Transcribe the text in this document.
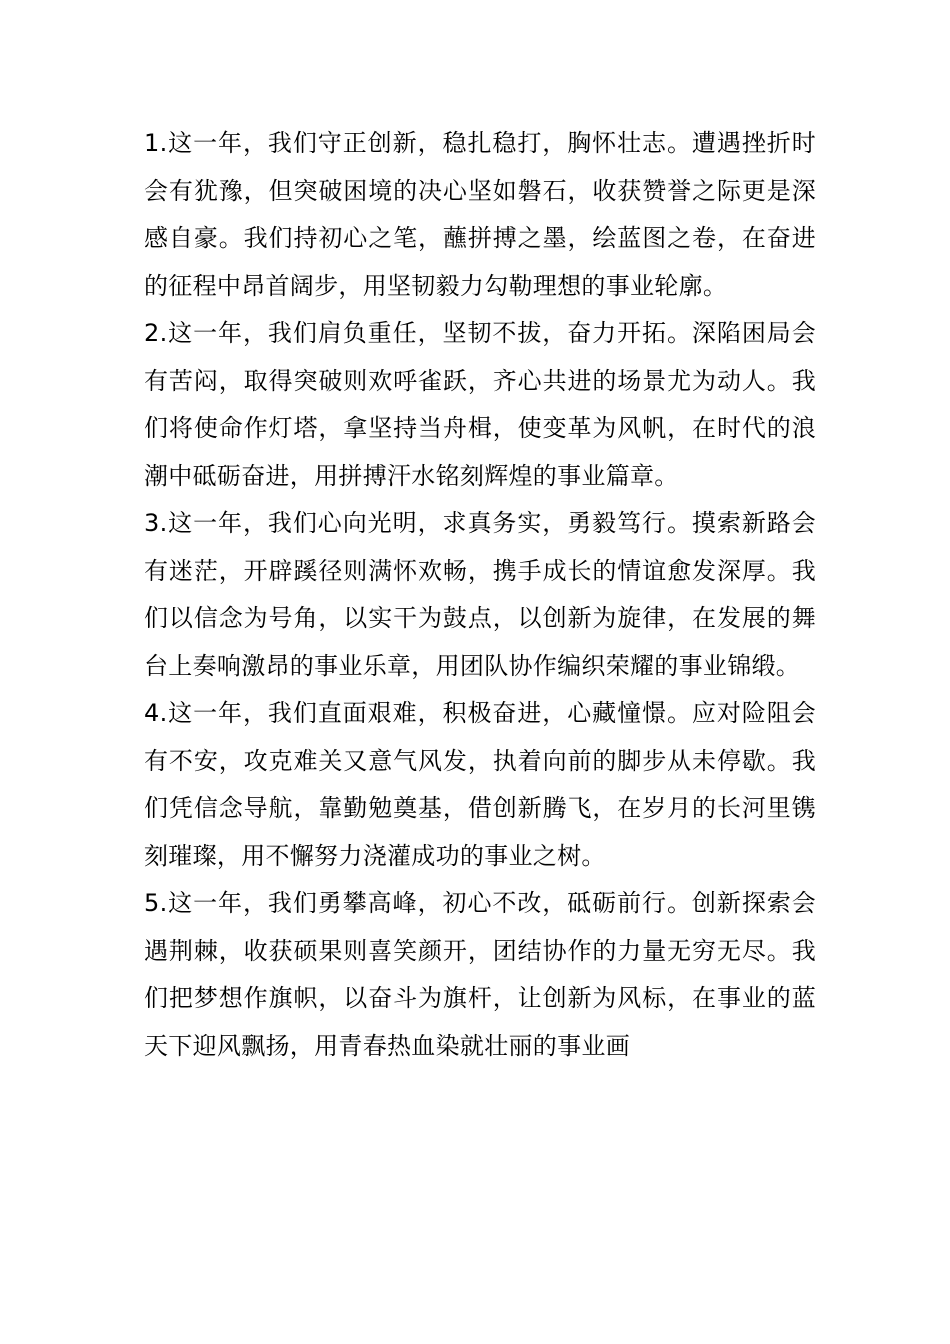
1.这一年，我们守正创新，稳扎稳打，胸怀壮志。遭遇挫折时会有犹豫，但突破困境的决心坚如磐石，收获赞誉之际更是深感自豪。我们持初心之笔，蘸拼搏之墨，绘蓝图之卷，在奋进的征程中昂首阔步，用坚韧毅力勾勒理想的事业轮廓。

2.这一年，我们肩负重任，坚韧不拔，奋力开拓。深陷困局会有苦闷，取得突破则欢呼雀跃，齐心共进的场景尤为动人。我们将使命作灯塔，拿坚持当舟楫，使变革为风帆，在时代的浪潮中砥砺奋进，用拼搏汗水铭刻辉煌的事业篇章。

3.这一年，我们心向光明，求真务实，勇毅笃行。摸索新路会有迷茫，开辟蹊径则满怀欢畅，携手成长的情谊愈发深厚。我们以信念为号角，以实干为鼓点，以创新为旋律，在发展的舞台上奏响激昂的事业乐章，用团队协作编织荣耀的事业锦缎。

4.这一年，我们直面艰难，积极奋进，心藏憧憬。应对险阻会有不安，攻克难关又意气风发，执着向前的脚步从未停歇。我们凭信念导航，靠勤勉奠基，借创新腾飞，在岁月的长河里镌刻璀璨，用不懈努力浇灌成功的事业之树。

5.这一年，我们勇攀高峰，初心不改，砥砺前行。创新探索会遇荆棘，收获硕果则喜笑颜开，团结协作的力量无穷无尽。我们把梦想作旗帜，以奋斗为旗杆，让创新为风标，在事业的蓝天下迎风飘扬，用青春热血染就壮丽的事业画
